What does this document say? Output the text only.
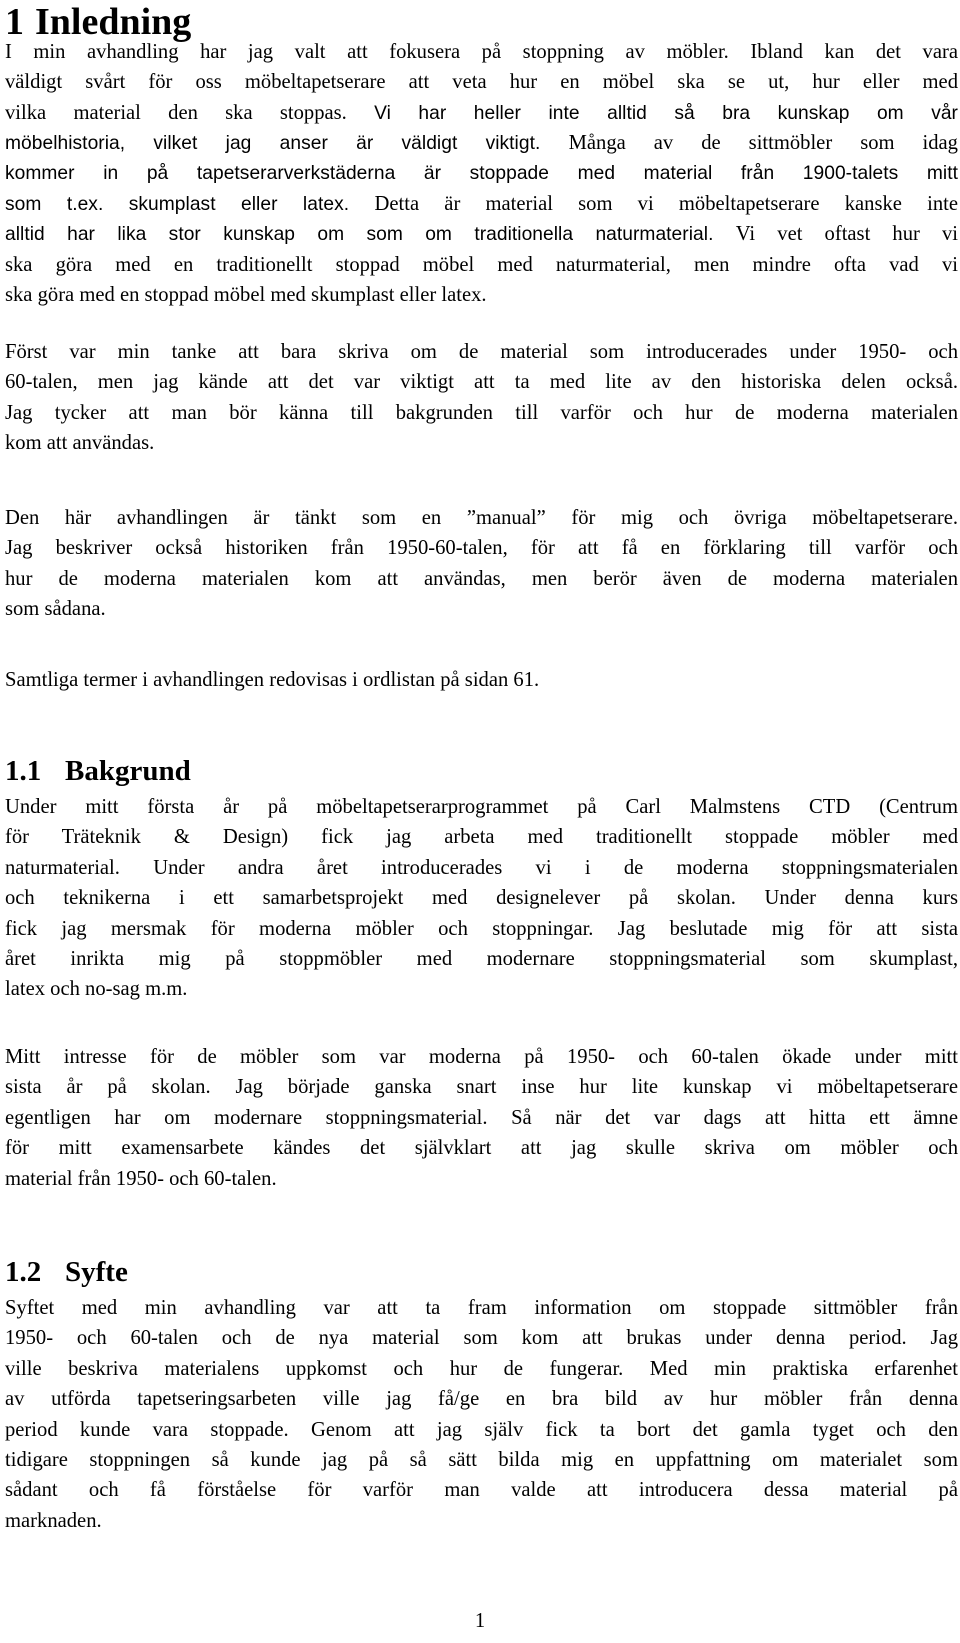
1 Inledning

I min avhandling har jag valt att fokusera på stoppning av möbler. Ibland kan det vara

väldigt svårt för oss möbeltapetserare att veta hur en möbel ska se ut, hur eller med

vilka material den ska stoppas. Vi har heller inte alltid så bra kunskap om vår

möbelhistoria, vilket jag anser är väldigt viktigt. Många av de sittmöbler som idag

kommer in på tapetserarverkstäderna är stoppade med material från 1900-talets mitt

som t.ex. skumplast eller latex. Detta är material som vi möbeltapetserare kanske inte

alltid har lika stor kunskap om som om traditionella naturmaterial. Vi vet oftast hur vi

ska göra med en traditionellt stoppad möbel med naturmaterial, men mindre ofta vad vi

ska göra med en stoppad möbel med skumplast eller latex.

Först var min tanke att bara skriva om de material som introducerades under 1950- och

60-talen, men jag kände att det var viktigt att ta med lite av den historiska delen också.

Jag tycker att man bör känna till bakgrunden till varför och hur de moderna materialen

kom att användas.

Den här avhandlingen är tänkt som en ”manual” för mig och övriga möbeltapetserare.

Jag beskriver också historiken från 1950-60-talen, för att få en förklaring till varför och

hur de moderna materialen kom att användas, men berör även de moderna materialen

som sådana.

Samtliga termer i avhandlingen redovisas i ordlistan på sidan 61.

1.1 Bakgrund

Under mitt första år på möbeltapetserarprogrammet på Carl Malmstens CTD (Centrum

för Träteknik & Design) fick jag arbeta med traditionellt stoppade möbler med

naturmaterial. Under andra året introducerades vi i de moderna stoppningsmaterialen

och teknikerna i ett samarbetsprojekt med designelever på skolan. Under denna kurs

fick jag mersmak för moderna möbler och stoppningar. Jag beslutade mig för att sista

året inrikta mig på stoppmöbler med modernare stoppningsmaterial som skumplast,

latex och no-sag m.m.

Mitt intresse för de möbler som var moderna på 1950- och 60-talen ökade under mitt

sista år på skolan. Jag började ganska snart inse hur lite kunskap vi möbeltapetserare

egentligen har om modernare stoppningsmaterial. Så när det var dags att hitta ett ämne

för mitt examensarbete kändes det självklart att jag skulle skriva om möbler och

material från 1950- och 60-talen.

1.2 Syfte

Syftet med min avhandling var att ta fram information om stoppade sittmöbler från

1950- och 60-talen och de nya material som kom att brukas under denna period. Jag

ville beskriva materialens uppkomst och hur de fungerar. Med min praktiska erfarenhet

av utförda tapetseringsarbeten ville jag få/ge en bra bild av hur möbler från denna

period kunde vara stoppade. Genom att jag själv fick ta bort det gamla tyget och den

tidigare stoppningen så kunde jag på så sätt bilda mig en uppfattning om materialet som

sådant och få förståelse för varför man valde att introducera dessa material på

marknaden.

1
